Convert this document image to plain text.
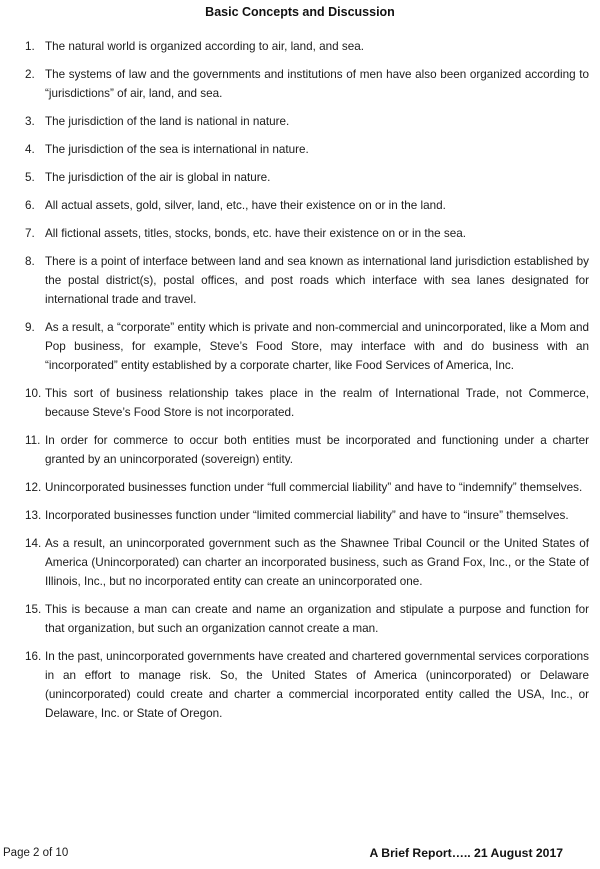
Basic Concepts and Discussion
1. The natural world is organized according to air, land, and sea.
2. The systems of law and the governments and institutions of men have also been organized according to “jurisdictions” of air, land, and sea.
3. The jurisdiction of the land is national in nature.
4. The jurisdiction of the sea is international in nature.
5. The jurisdiction of the air is global in nature.
6. All actual assets, gold, silver, land, etc., have their existence on or in the land.
7. All fictional assets, titles, stocks, bonds, etc. have their existence on or in the sea.
8. There is a point of interface between land and sea known as international land jurisdiction established by the postal district(s), postal offices, and post roads which interface with sea lanes designated for international trade and travel.
9. As a result, a “corporate” entity which is private and non-commercial and unincorporated, like a Mom and Pop business, for example, Steve’s Food Store, may interface with and do business with an “incorporated” entity established by a corporate charter, like Food Services of America, Inc.
10. This sort of business relationship takes place in the realm of International Trade, not Commerce, because Steve’s Food Store is not incorporated.
11. In order for commerce to occur both entities must be incorporated and functioning under a charter granted by an unincorporated (sovereign) entity.
12. Unincorporated businesses function under “full commercial liability” and have to “indemnify” themselves.
13. Incorporated businesses function under “limited commercial liability” and have to “insure” themselves.
14. As a result, an unincorporated government such as the Shawnee Tribal Council or the United States of America (Unincorporated) can charter an incorporated business, such as Grand Fox, Inc., or the State of Illinois, Inc., but no incorporated entity can create an unincorporated one.
15. This is because a man can create and name an organization and stipulate a purpose and function for that organization, but such an organization cannot create a man.
16. In the past, unincorporated governments have created and chartered governmental services corporations in an effort to manage risk. So, the United States of America (unincorporated) or Delaware (unincorporated) could create and charter a commercial incorporated entity called the USA, Inc., or Delaware, Inc. or State of Oregon.
Page 2 of 10	A Brief Report….. 21 August 2017
